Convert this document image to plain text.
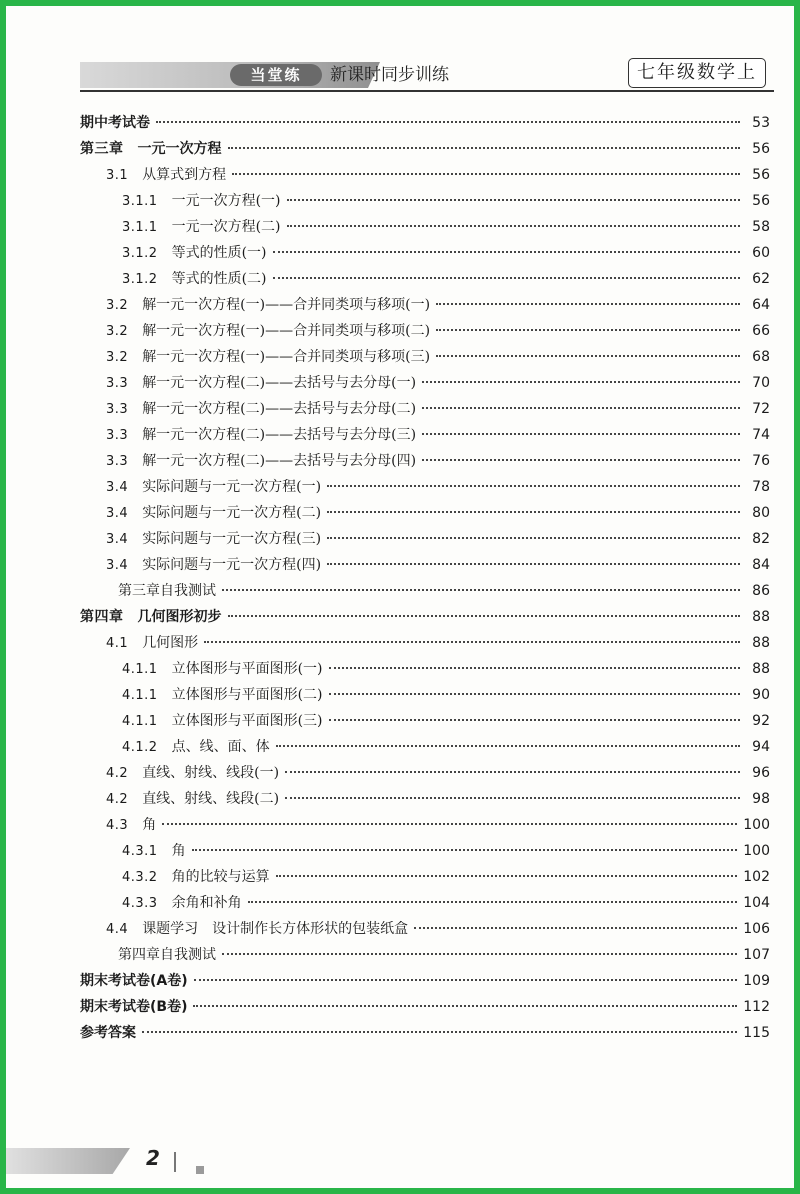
当堂练	新课时同步训练	七年级数学上
期中考试卷	53
第三章 一元一次方程	56
3.1 从算式到方程	56
3.1.1 一元一次方程(一)	56
3.1.1 一元一次方程(二)	58
3.1.2 等式的性质(一)	60
3.1.2 等式的性质(二)	62
3.2 解一元一次方程(一)——合并同类项与移项(一)	64
3.2 解一元一次方程(一)——合并同类项与移项(二)	66
3.2 解一元一次方程(一)——合并同类项与移项(三)	68
3.3 解一元一次方程(二)——去括号与去分母(一)	70
3.3 解一元一次方程(二)——去括号与去分母(二)	72
3.3 解一元一次方程(二)——去括号与去分母(三)	74
3.3 解一元一次方程(二)——去括号与去分母(四)	76
3.4 实际问题与一元一次方程(一)	78
3.4 实际问题与一元一次方程(二)	80
3.4 实际问题与一元一次方程(三)	82
3.4 实际问题与一元一次方程(四)	84
第三章自我测试	86
第四章 几何图形初步	88
4.1 几何图形	88
4.1.1 立体图形与平面图形(一)	88
4.1.1 立体图形与平面图形(二)	90
4.1.1 立体图形与平面图形(三)	92
4.1.2 点、线、面、体	94
4.2 直线、射线、线段(一)	96
4.2 直线、射线、线段(二)	98
4.3 角	100
4.3.1 角	100
4.3.2 角的比较与运算	102
4.3.3 余角和补角	104
4.4 课题学习　设计制作长方体形状的包装纸盒	106
第四章自我测试	107
期末考试卷(A卷)	109
期末考试卷(B卷)	112
参考答案	115
2
